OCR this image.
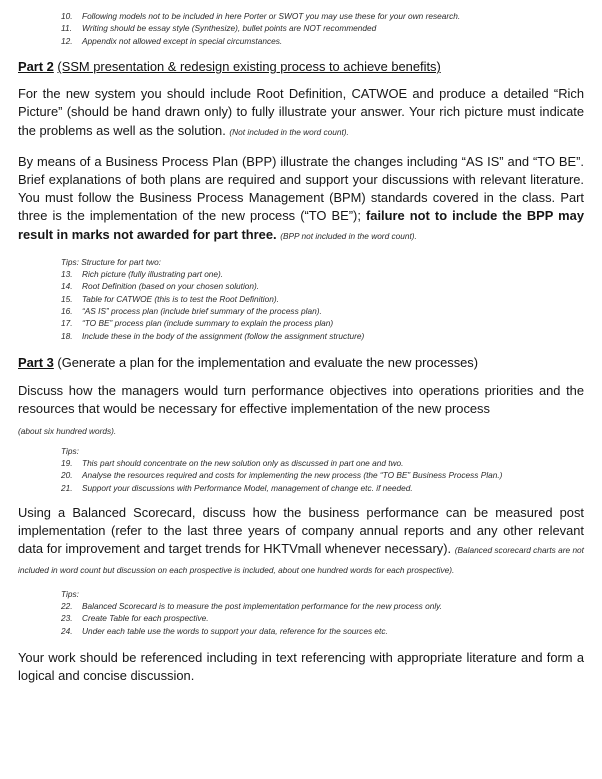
10.	Following models not to be included in here Porter or SWOT you may use these for your own research.
11.	Writing should be essay style (Synthesize), bullet points are NOT recommended
12.	Appendix not allowed except in special circumstances.

Part 2 (SSM presentation & redesign existing process to achieve benefits)

For the new system you should include Root Definition, CATWOE and produce a detailed “Rich Picture” (should be hand drawn only) to fully illustrate your answer. Your rich picture must indicate the problems as well as the solution. (Not included in the word count).

By means of a Business Process Plan (BPP) illustrate the changes including “AS IS” and “TO BE”. Brief explanations of both plans are required and support your discussions with relevant literature. You must follow the Business Process Management (BPM) standards covered in the class. Part three is the implementation of the new process (“TO BE”); failure not to include the BPP may result in marks not awarded for part three. (BPP not included in the word count).

Tips: Structure for part two:
13.	Rich picture (fully illustrating part one).
14.	Root Definition (based on your chosen solution).
15.	Table for CATWOE (this is to test the Root Definition).
16.	“AS IS” process plan (include brief summary of the process plan).
17.	“TO BE” process plan (include summary to explain the process plan)
18.	Include these in the body of the assignment (follow the assignment structure)

Part 3 (Generate a plan for the implementation and evaluate the new processes)

Discuss how the managers would turn performance objectives into operations priorities and the resources that would be necessary for effective implementation of the new process

(about six hundred words).

Tips:
19.	This part should concentrate on the new solution only as discussed in part one and two.
20.	Analyse the resources required and costs for implementing the new process (the “TO BE” Business Process Plan.)
21.	Support your discussions with Performance Model, management of change etc. if needed.

Using a Balanced Scorecard, discuss how the business performance can be measured post implementation (refer to the last three years of company annual reports and any other relevant data for improvement and target trends for HKTVmall whenever necessary). (Balanced scorecard charts are not included in word count but discussion on each prospective is included, about one hundred words for each prospective).

Tips:
22.	Balanced Scorecard is to measure the post implementation performance for the new process only.
23.	Create Table for each prospective.
24.	Under each table use the words to support your data, reference for the sources etc.

Your work should be referenced including in text referencing with appropriate literature and form a logical and concise discussion.
